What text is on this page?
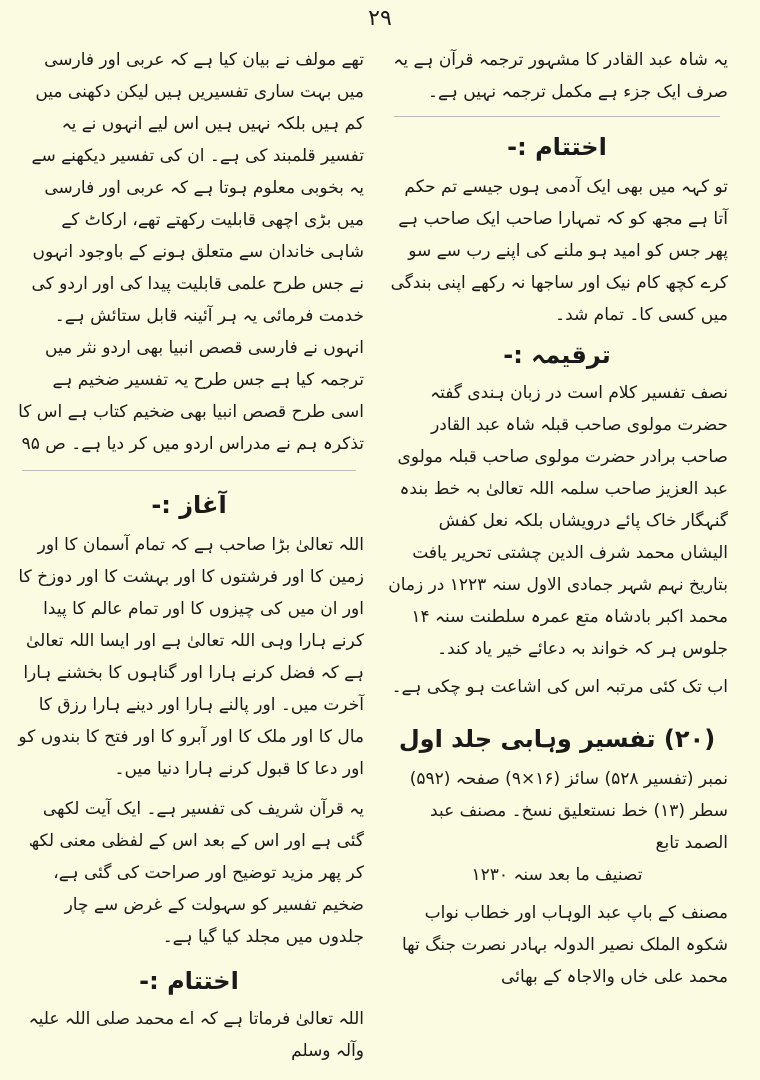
۲۹

یہ شاہ عبد القادر کا مشہور ترجمہ قرآن ہے یہ صرف ایک جزء ہے مکمل ترجمہ نہیں ہے۔

اختتام :-

تو کہہ میں بھی ایک آدمی ہوں جیسے تم حکم آتا ہے مجھ کو کہ تمہارا صاحب ایک صاحب ہے پھر جس کو امید ہو ملنے کی اپنے رب سے سو کرے کچھ کام نیک اور ساجھا نہ رکھے اپنی بندگی میں کسی کا۔ تمام شد۔

ترقیمہ :-

نصف تفسیر کلام است در زبان ہندی گفتہ حضرت مولوی صاحب قبلہ شاہ عبد القادر صاحب برادر حضرت مولوی صاحب قبلہ مولوی عبد العزیز صاحب سلمہ اللہ تعالیٰ بہ خط بندہ گنہگار خاک پائے درویشاں بلکہ نعل کفش الیشاں محمد شرف الدین چشتی تحریر یافت بتاریخ نہم شہر جمادی الاول سنہ ۱۲۲۳ در زمان محمد اکبر بادشاہ متع عمرہ سلطنت سنہ ۱۴ جلوس ہر کہ خواند بہ دعائے خیر یاد کند۔

اب تک کئی مرتبہ اس کی اشاعت ہو چکی ہے۔

(۲۰) تفسیر وہابی جلد اول

نمبر (تفسیر ۵۲۸) سائز (۱۶×۹) صفحہ (۵۹۲) سطر (۱۳) خط نستعلیق نسخ۔ مصنف عبد الصمد تابع

تصنیف ما بعد سنہ ۱۲۳۰

مصنف کے باپ عبد الوہاب اور خطاب نواب شکوہ الملک نصیر الدولہ بہادر نصرت جنگ تھا محمد علی خاں والاجاہ کے بھائی

تھے مولف نے بیان کیا ہے کہ عربی اور فارسی میں بہت ساری تفسیریں ہیں لیکن دکھنی میں کم ہیں بلکہ نہیں ہیں اس لیے انہوں نے یہ تفسیر قلمبند کی ہے۔ ان کی تفسیر دیکھنے سے یہ بخوبی معلوم ہوتا ہے کہ عربی اور فارسی میں بڑی اچھی قابلیت رکھتے تھے، ارکاٹ کے شاہی خاندان سے متعلق ہونے کے باوجود انہوں نے جس طرح علمی قابلیت پیدا کی اور اردو کی خدمت فرمائی یہ ہر آئینہ قابل ستائش ہے۔ انہوں نے فارسی قصص انبیا بھی اردو نثر میں ترجمہ کیا ہے جس طرح یہ تفسیر ضخیم ہے اسی طرح قصص انبیا بھی ضخیم کتاب ہے اس کا تذکرہ ہم نے مدراس اردو میں کر دیا ہے۔ ص ۹۵

آغاز :-

اللہ تعالیٰ بڑا صاحب ہے کہ تمام آسمان کا اور زمین کا اور فرشتوں کا اور بہشت کا اور دوزخ کا اور ان میں کی چیزوں کا اور تمام عالم کا پیدا کرنے ہارا وہی اللہ تعالیٰ ہے اور ایسا اللہ تعالیٰ ہے کہ فضل کرنے ہارا اور گناہوں کا بخشنے ہارا آخرت میں۔ اور پالنے ہارا اور دینے ہارا رزق کا مال کا اور ملک کا اور آبرو کا اور فتح کا بندوں کو اور دعا کا قبول کرنے ہارا دنیا میں۔

یہ قرآن شریف کی تفسیر ہے۔ ایک آیت لکھی گئی ہے اور اس کے بعد اس کے لفظی معنی لکھ کر پھر مزید توضیح اور صراحت کی گئی ہے، ضخیم تفسیر کو سہولت کے غرض سے چار جلدوں میں مجلد کیا گیا ہے۔

اختتام :-

اللہ تعالیٰ فرماتا ہے کہ اے محمد صلی اللہ علیہ وآلہ وسلم
